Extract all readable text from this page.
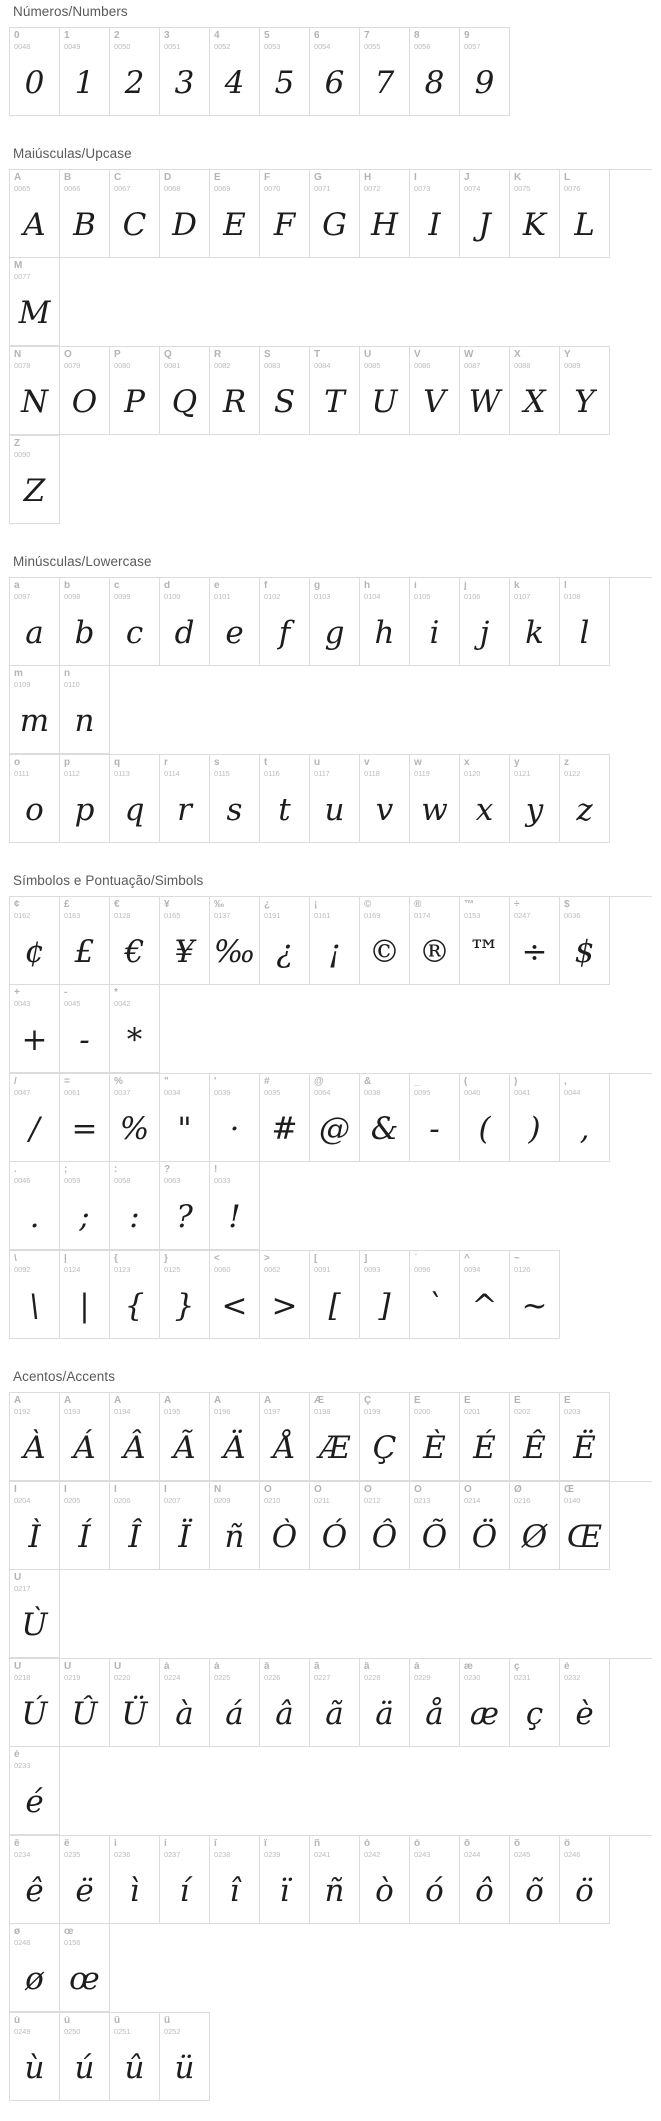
Números/Numbers
0
0048
0
1
0049
1
2
0050
2
3
0051
3
4
0052
4
5
0053
5
6
0054
6
7
0055
7
8
0056
8
9
0057
9
Maiúsculas/Upcase
A
0065
A
B
0066
B
C
0067
C
D
0068
D
E
0069
E
F
0070
F
G
0071
G
H
0072
H
I
0073
I
J
0074
J
K
0075
K
L
0076
L
M
0077
M
N
0078
N
O
0079
O
P
0080
P
Q
0081
Q
R
0082
R
S
0083
S
T
0084
T
U
0085
U
V
0086
V
W
0087
W
X
0088
X
Y
0089
Y
Z
0090
Z
Minúsculas/Lowercase
a
0097
a
b
0098
b
c
0099
c
d
0100
d
e
0101
e
f
0102
f
g
0103
g
h
0104
h
i
0105
i
j
0106
j
k
0107
k
l
0108
l
m
0109
m
n
0110
n
o
0111
o
p
0112
p
q
0113
q
r
0114
r
s
0115
s
t
0116
t
u
0117
u
v
0118
v
w
0119
w
x
0120
x
y
0121
y
z
0122
z
Símbolos e Pontuação/Simbols
¢
0162
¢
£
0163
£
€
0128
€
¥
0165
¥
‰
0137
‰
¿
0191
¿
¡
0161
¡
©
0169
©
®
0174
®
™
0153
™
÷
0247
÷
$
0036
$
+
0043
+
-
0045
-
*
0042
*
/
0047
/
=
0061
=
%
0037
%
"
0034
"
'
0039
·
#
0035
#
@
0064
@
&
0038
&
_
0095
-
(
0040
(
)
0041
)
,
0044
,
.
0046
.
;
0059
;
:
0058
:
?
0063
?
!
0033
!
\
0092
\
|
0124
|
{
0123
{
}
0125
}
<
0060
<
>
0062
>
[
0091
[
]
0093
]
`
0096
`
^
0094
^
~
0126
~
Acentos/Accents
À
0192
À
Á
0193
Á
Â
0194
Â
Ã
0195
Ã
Ä
0196
Ä
Å
0197
Å
Æ
0198
Æ
Ç
0199
Ç
È
0200
È
É
0201
É
Ê
0202
Ê
Ë
0203
Ë
Ì
0204
Ì
Í
0205
Í
Î
0206
Î
Ï
0207
Ï
Ñ
0209
ñ
Ò
0210
Ò
Ó
0211
Ó
Ô
0212
Ô
Õ
0213
Õ
Ö
0214
Ö
Ø
0216
Ø
Œ
0140
Œ
Ù
0217
Ù
Ú
0218
Ú
Û
0219
Û
Ü
0220
Ü
à
0224
à
á
0225
á
â
0226
â
ã
0227
ã
ä
0228
ä
å
0229
å
æ
0230
æ
ç
0231
ç
è
0232
è
é
0233
é
ê
0234
ê
ë
0235
ë
ì
0236
ì
í
0237
í
î
0238
î
ï
0239
ï
ñ
0241
ñ
ò
0242
ò
ó
0243
ó
ô
0244
ô
õ
0245
õ
ö
0246
ö
ø
0248
ø
œ
0156
œ
ù
0249
ù
ú
0250
ú
û
0251
û
ü
0252
ü
